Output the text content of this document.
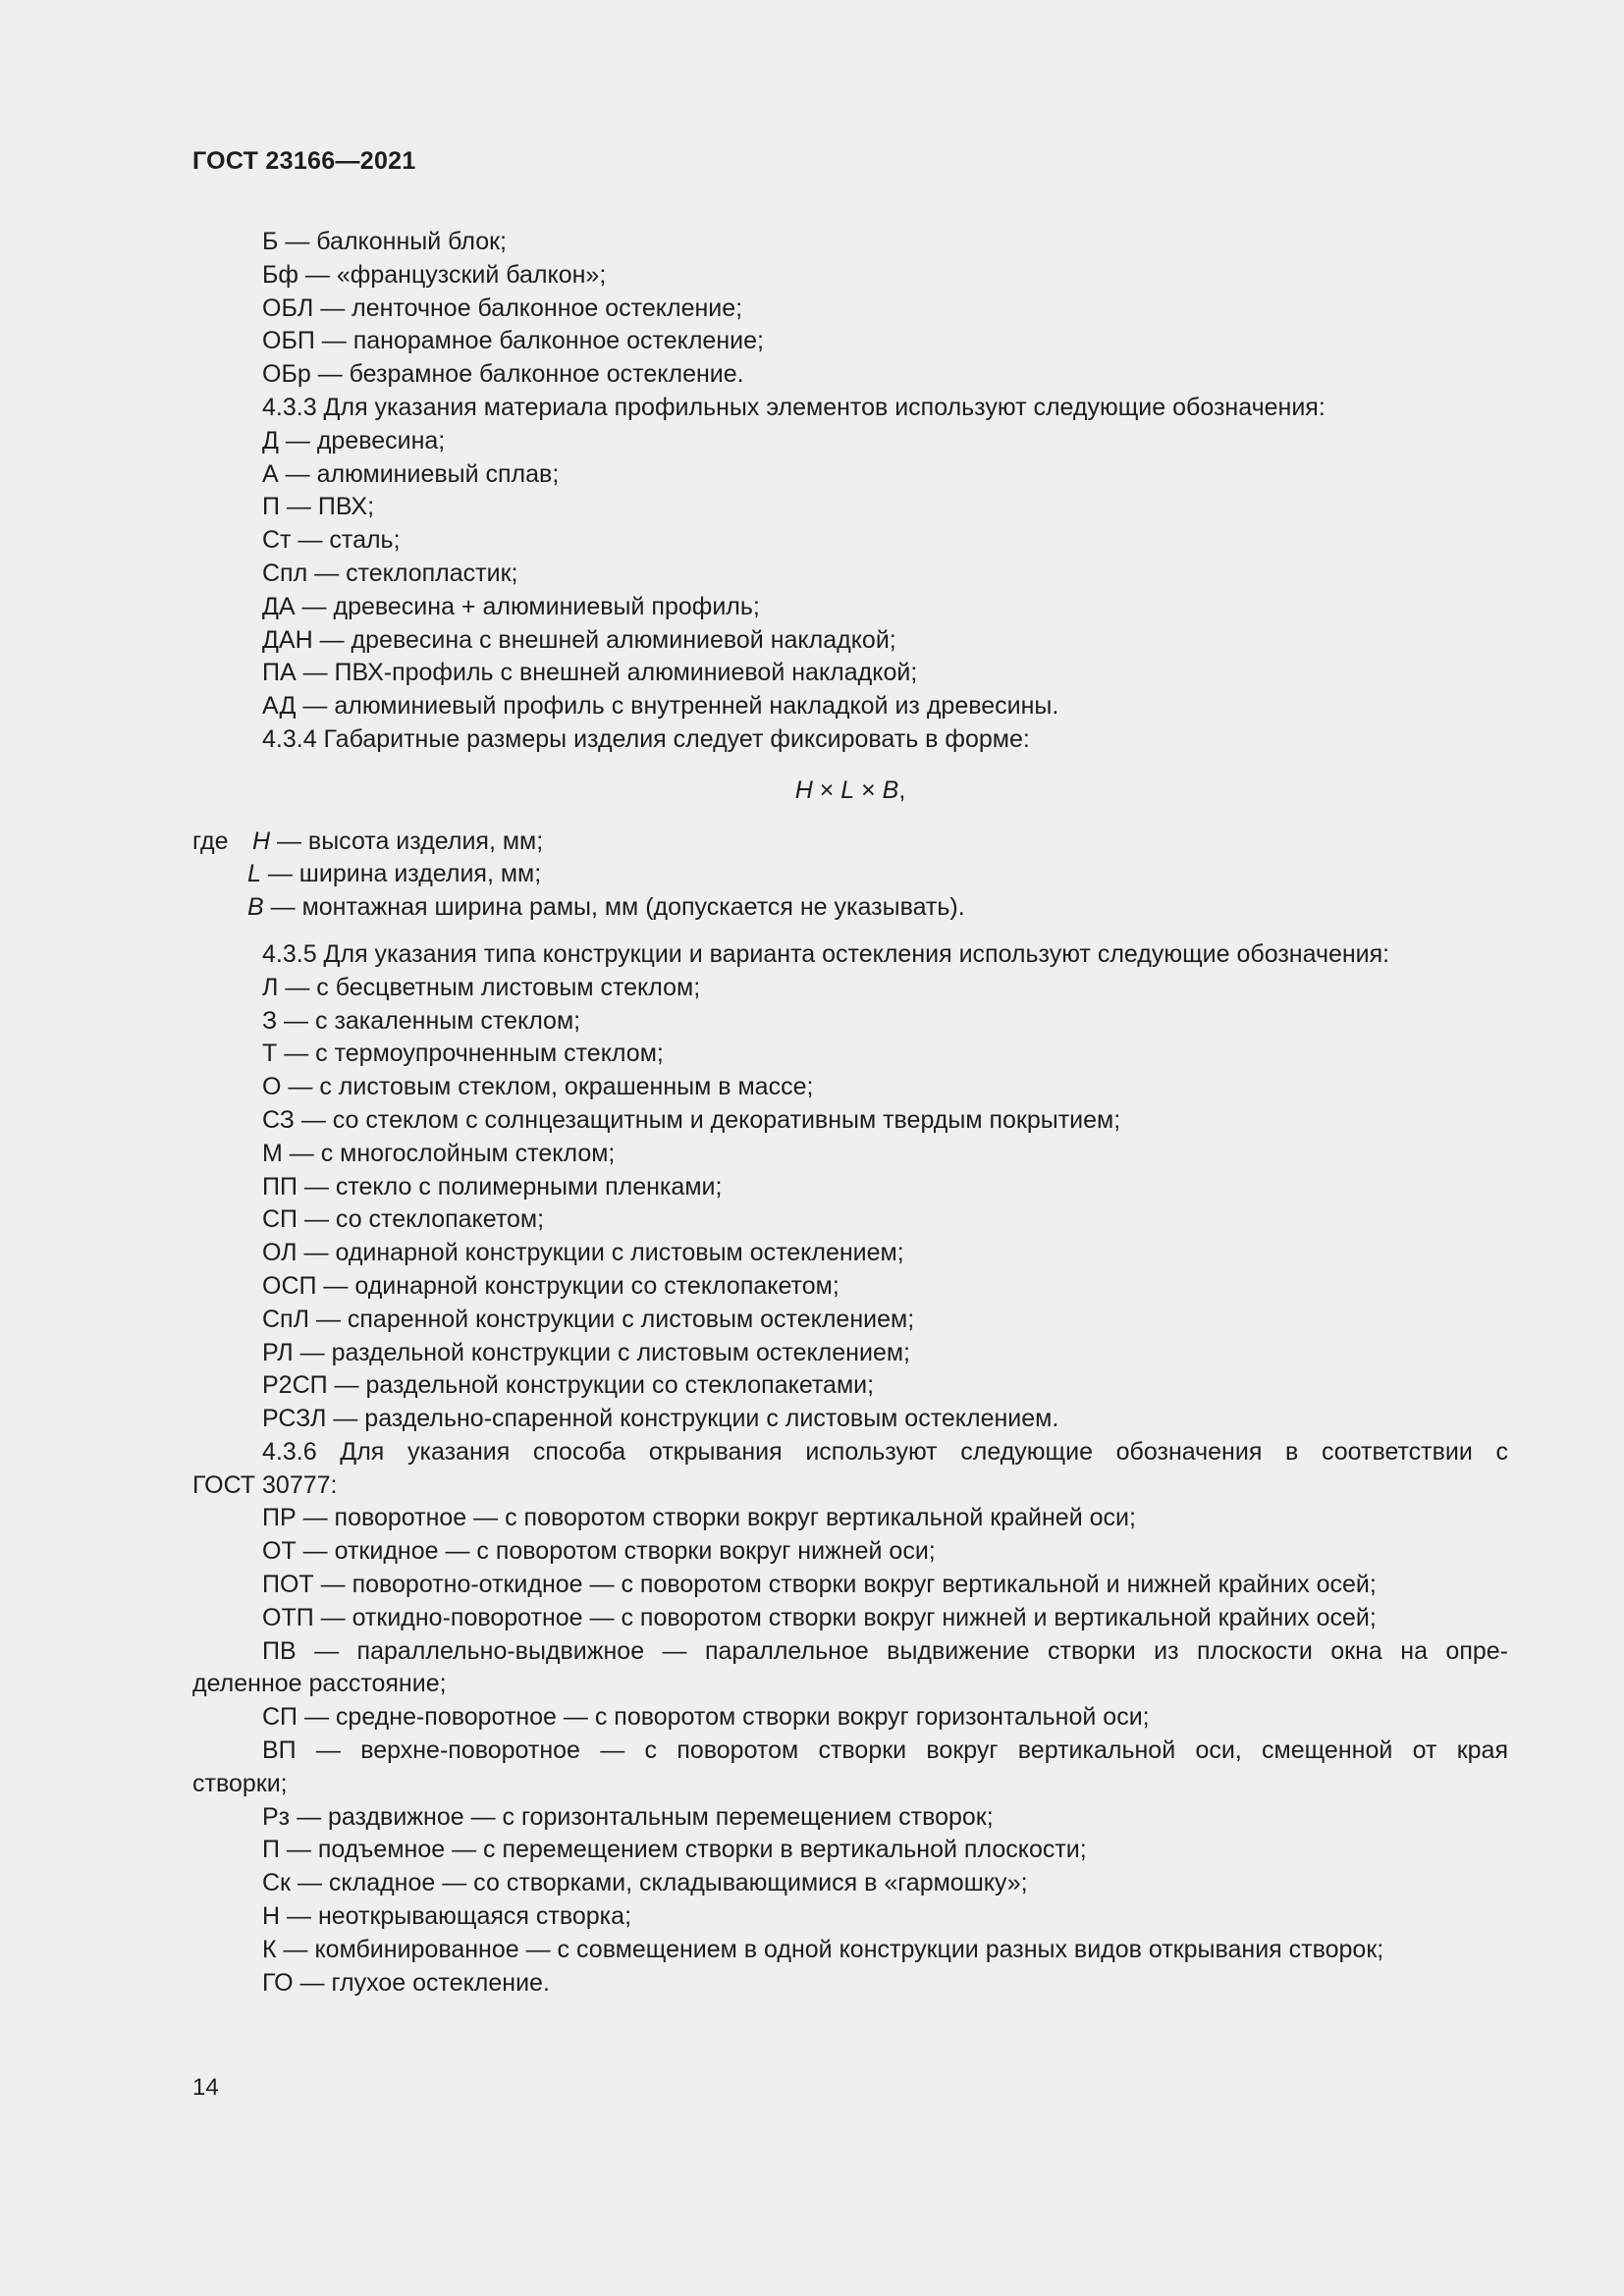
ГОСТ 23166—2021
Б — балконный блок;
Бф — «французский балкон»;
ОБЛ — ленточное балконное остекление;
ОБП — панорамное балконное остекление;
ОБр — безрамное балконное остекление.
4.3.3 Для указания материала профильных элементов используют следующие обозначения:
Д — древесина;
А — алюминиевый сплав;
П — ПВХ;
Ст — сталь;
Спл — стеклопластик;
ДА — древесина + алюминиевый профиль;
ДАН — древесина с внешней алюминиевой накладкой;
ПА — ПВХ-профиль с внешней алюминиевой накладкой;
АД — алюминиевый профиль с внутренней накладкой из древесины.
4.3.4 Габаритные размеры изделия следует фиксировать в форме:
H × L × B,
где H — высота изделия, мм;
L — ширина изделия, мм;
B — монтажная ширина рамы, мм (допускается не указывать).
4.3.5 Для указания типа конструкции и варианта остекления используют следующие обозначения:
Л — с бесцветным листовым стеклом;
З — с закаленным стеклом;
Т — с термоупрочненным стеклом;
О — с листовым стеклом, окрашенным в массе;
СЗ — со стеклом с солнцезащитным и декоративным твердым покрытием;
М — с многослойным стеклом;
ПП — стекло с полимерными пленками;
СП — со стеклопакетом;
ОЛ — одинарной конструкции с листовым остеклением;
ОСП — одинарной конструкции со стеклопакетом;
СпЛ — спаренной конструкции с листовым остеклением;
РЛ — раздельной конструкции с листовым остеклением;
Р2СП — раздельной конструкции со стеклопакетами;
РСЗЛ — раздельно-спаренной конструкции с листовым остеклением.
4.3.6 Для указания способа открывания используют следующие обозначения в соответствии с
ГОСТ 30777:
ПР — поворотное — с поворотом створки вокруг вертикальной крайней оси;
ОТ — откидное — с поворотом створки вокруг нижней оси;
ПОТ — поворотно-откидное — с поворотом створки вокруг вертикальной и нижней крайних осей;
ОТП — откидно-поворотное — с поворотом створки вокруг нижней и вертикальной крайних осей;
ПВ — параллельно-выдвижное — параллельное выдвижение створки из плоскости окна на опре-
деленное расстояние;
СП — средне-поворотное — с поворотом створки вокруг горизонтальной оси;
ВП — верхне-поворотное — с поворотом створки вокруг вертикальной оси, смещенной от края
створки;
Рз — раздвижное — с горизонтальным перемещением створок;
П — подъемное — с перемещением створки в вертикальной плоскости;
Ск — складное — со створками, складывающимися в «гармошку»;
Н — неоткрывающаяся створка;
К — комбинированное — с совмещением в одной конструкции разных видов открывания створок;
ГО — глухое остекление.
14
